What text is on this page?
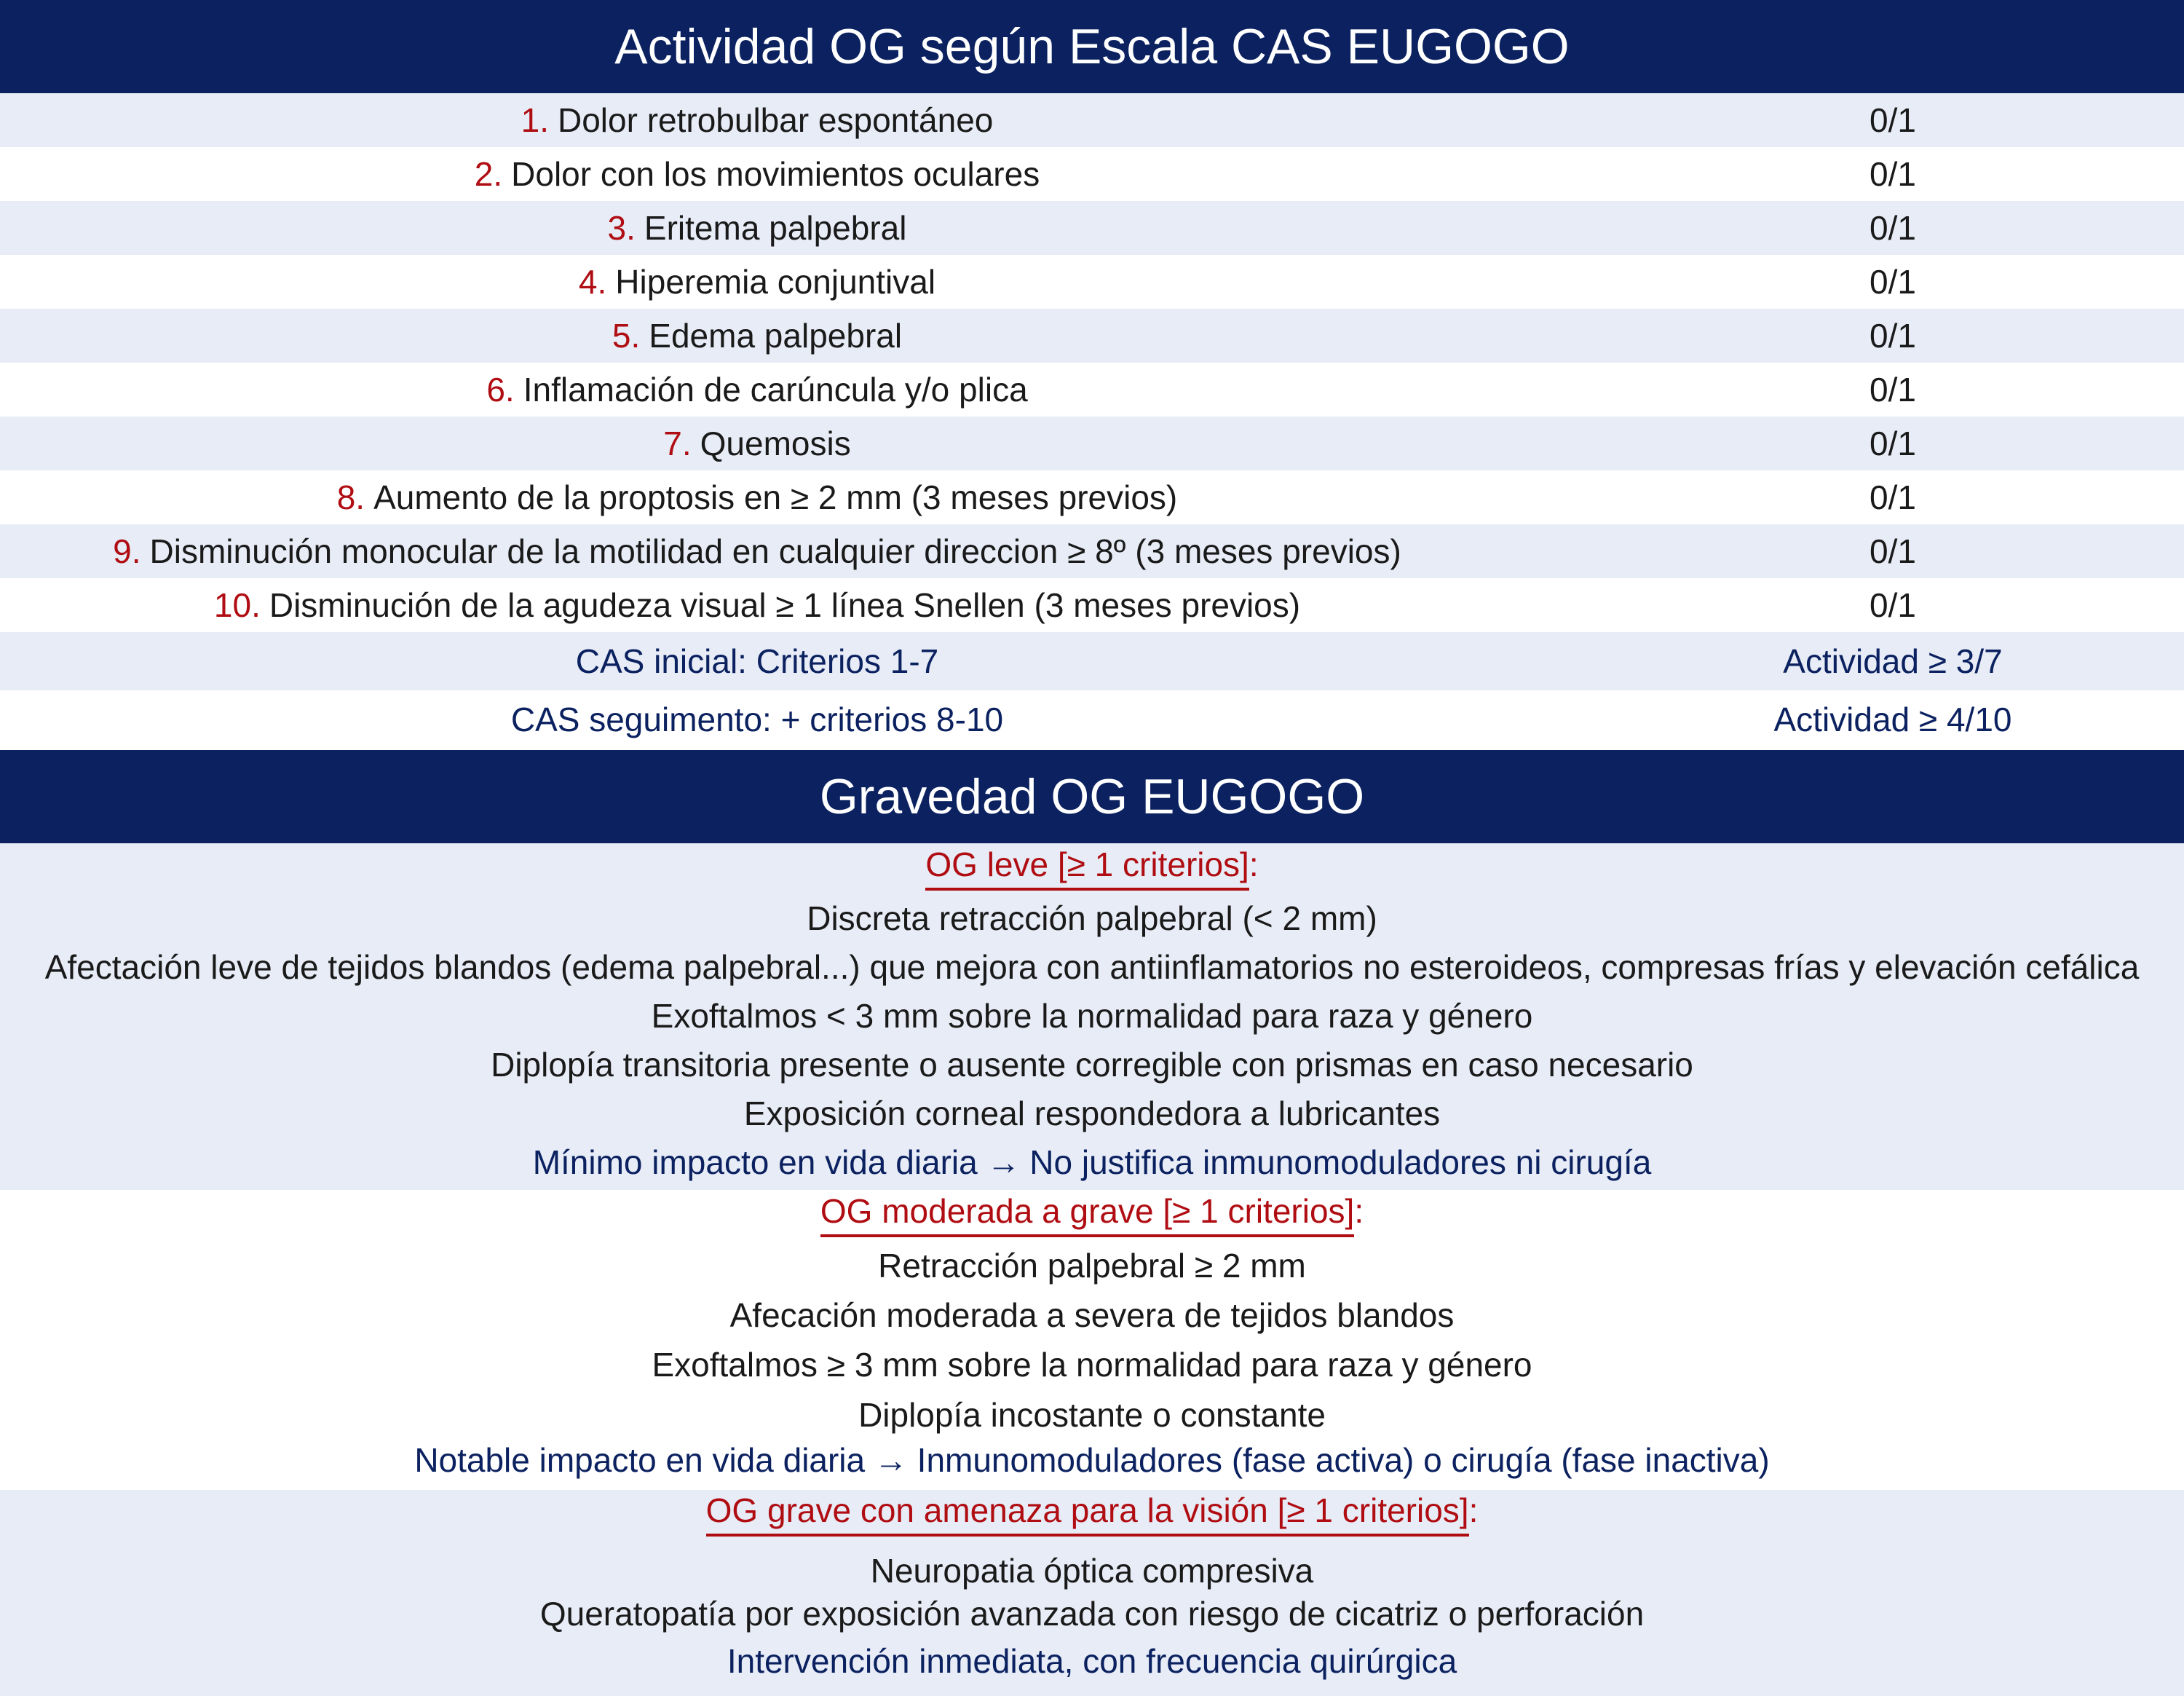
Actividad OG según Escala CAS EUGOGO
1. Dolor retrobulbar espontáneo	0/1
2. Dolor con los movimientos oculares	0/1
3. Eritema palpebral	0/1
4. Hiperemia conjuntival	0/1
5. Edema palpebral	0/1
6. Inflamación de carúncula y/o plica	0/1
7. Quemosis	0/1
8. Aumento de la proptosis en ≥ 2 mm (3 meses previos)	0/1
9. Disminución monocular de la motilidad en cualquier direccion ≥ 8º (3 meses previos)	0/1
10. Disminución de la agudeza visual ≥ 1 línea Snellen (3 meses previos)	0/1
CAS inicial: Criterios 1-7	Actividad ≥ 3/7
CAS seguimento: + criterios 8-10	Actividad ≥ 4/10
Gravedad OG EUGOGO
OG leve [≥ 1 criterios]:
Discreta retracción palpebral (< 2 mm)
Afectación leve de tejidos blandos (edema palpebral...) que mejora con antiinflamatorios no esteroideos, compresas frías y elevación cefálica
Exoftalmos < 3 mm sobre la normalidad para raza y género
Diplopía transitoria presente o ausente corregible con prismas en caso necesario
Exposición corneal respondedora a lubricantes
Mínimo impacto en vida diaria → No justifica inmunomoduladores ni cirugía
OG moderada a grave [≥ 1 criterios]:
Retracción palpebral ≥ 2 mm
Afecación moderada a severa de tejidos blandos
Exoftalmos ≥ 3 mm sobre la normalidad para raza y género
Diplopía incostante o constante
Notable impacto en vida diaria → Inmunomoduladores (fase activa) o cirugía (fase inactiva)
OG grave con amenaza para la visión [≥ 1 criterios]:
Neuropatia óptica compresiva
Queratopatía por exposición avanzada con riesgo de cicatriz o perforación
Intervención inmediata, con frecuencia quirúrgica
